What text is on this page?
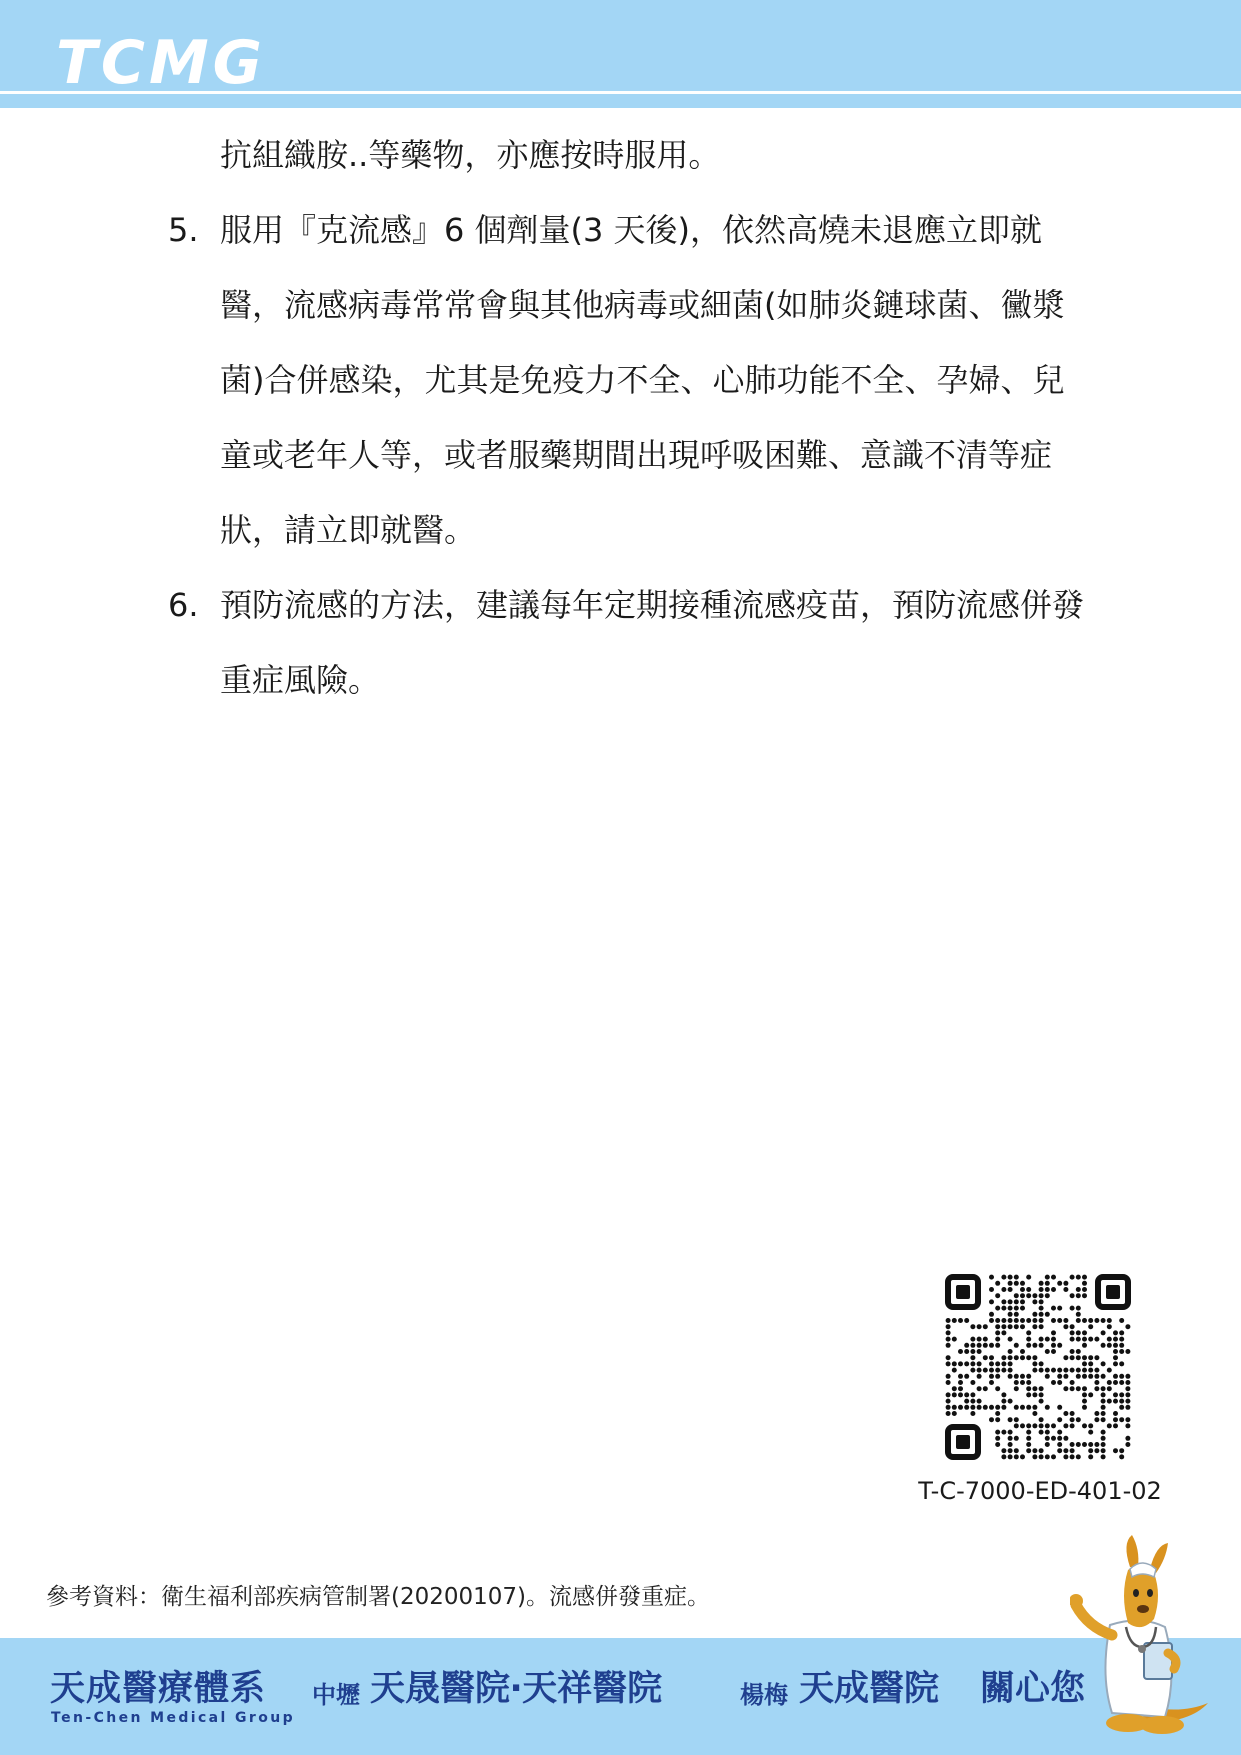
TCMG
抗組織胺..等藥物，亦應按時服用。
5. 服用『克流感』6 個劑量(3 天後)，依然高燒未退應立即就
醫，流感病毒常常會與其他病毒或細菌(如肺炎鏈球菌、黴漿
菌)合併感染，尤其是免疫力不全、心肺功能不全、孕婦、兒
童或老年人等，或者服藥期間出現呼吸困難、意識不清等症
狀，請立即就醫。
6. 預防流感的方法，建議每年定期接種流感疫苗，預防流感併發
重症風險。
T-C-7000-ED-401-02
參考資料：衛生福利部疾病管制署(20200107)。流感併發重症。
天成醫療體系
Ten-Chen Medical Group
中壢 天晟醫院‧天祥醫院	楊梅 天成醫院 關心您
